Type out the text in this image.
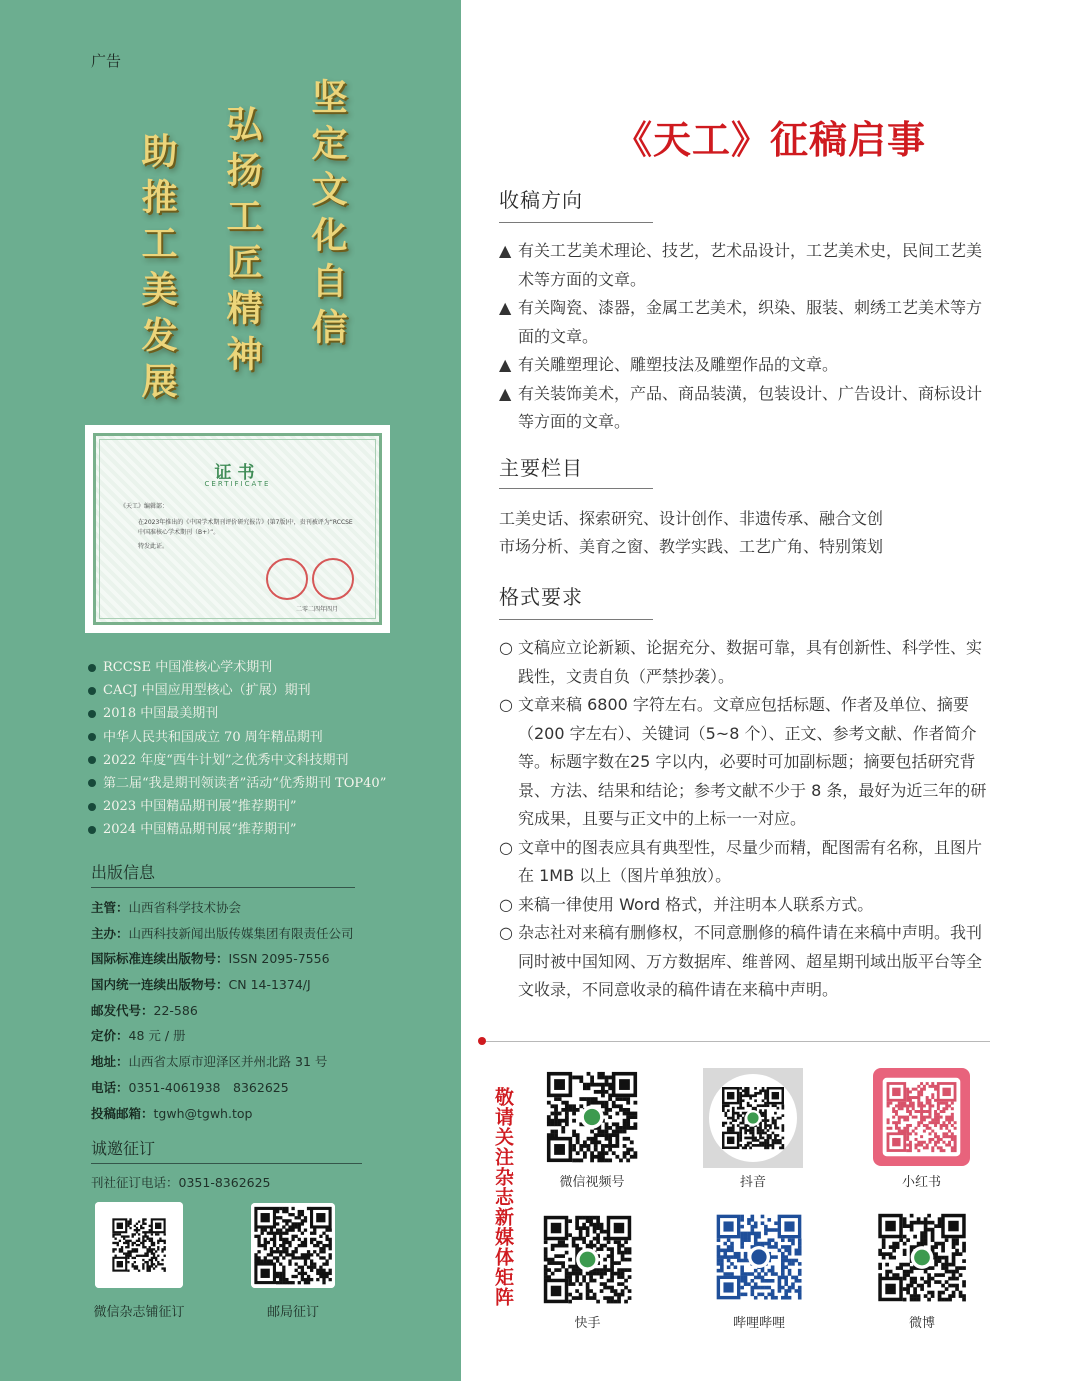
广告
坚定文化自信
弘扬工匠精神
助推工美发展
证书
CERTIFICATE
《天工》编辑部：
在2023年推出的《中国学术期刊评价研究报告》(第7版)中，贵刊被评为“RCCSE中国准核心学术期刊（B+）”。
特发此证。
二零二四年四月
RCCSE 中国准核心学术期刊
CACJ 中国应用型核心（扩展）期刊
2018 中国最美期刊
中华人民共和国成立 70 周年精品期刊
2022 年度“西牛计划”之优秀中文科技期刊
第二届“我是期刊领读者”活动“优秀期刊 TOP40”
2023 中国精品期刊展“推荐期刊”
2024 中国精品期刊展“推荐期刊”
出版信息
主管：山西省科学技术协会
主办：山西科技新闻出版传媒集团有限责任公司
国际标准连续出版物号：ISSN 2095-7556
国内统一连续出版物号：CN 14-1374/J
邮发代号：22-586
定价：48 元 / 册
地址：山西省太原市迎泽区并州北路 31 号
电话：0351-4061938　8362625
投稿邮箱：tgwh@tgwh.top
诚邀征订
刊社征订电话：0351-8362625
微信杂志铺征订	邮局征订
《天工》征稿启事
收稿方向
▲ 有关工艺美术理论、技艺，艺术品设计，工艺美术史，民间工艺美术等方面的文章。
▲ 有关陶瓷、漆器，金属工艺美术，织染、服装、刺绣工艺美术等方面的文章。
▲ 有关雕塑理论、雕塑技法及雕塑作品的文章。
▲ 有关装饰美术，产品、商品装潢，包装设计、广告设计、商标设计等方面的文章。
主要栏目
工美史话、探索研究、设计创作、非遗传承、融合文创
市场分析、美育之窗、教学实践、工艺广角、特别策划
格式要求
○ 文稿应立论新颖、论据充分、数据可靠，具有创新性、科学性、实践性，文责自负（严禁抄袭）。
○ 文章来稿 6800 字符左右。文章应包括标题、作者及单位、摘要（200 字左右）、关键词（5~8 个）、正文、参考文献、作者简介等。标题字数在25 字以内，必要时可加副标题；摘要包括研究背景、方法、结果和结论；参考文献不少于 8 条，最好为近三年的研究成果，且要与正文中的上标一一对应。
○ 文章中的图表应具有典型性，尽量少而精，配图需有名称，且图片在 1MB 以上（图片单独放）。
○ 来稿一律使用 Word 格式，并注明本人联系方式。
○ 杂志社对来稿有删修权，不同意删修的稿件请在来稿中声明。我刊同时被中国知网、万方数据库、维普网、超星期刊域出版平台等全文收录，不同意收录的稿件请在来稿中声明。
敬请关注杂志新媒体矩阵	微信视频号	抖音	小红书
快手	哔哩哔哩	微博
